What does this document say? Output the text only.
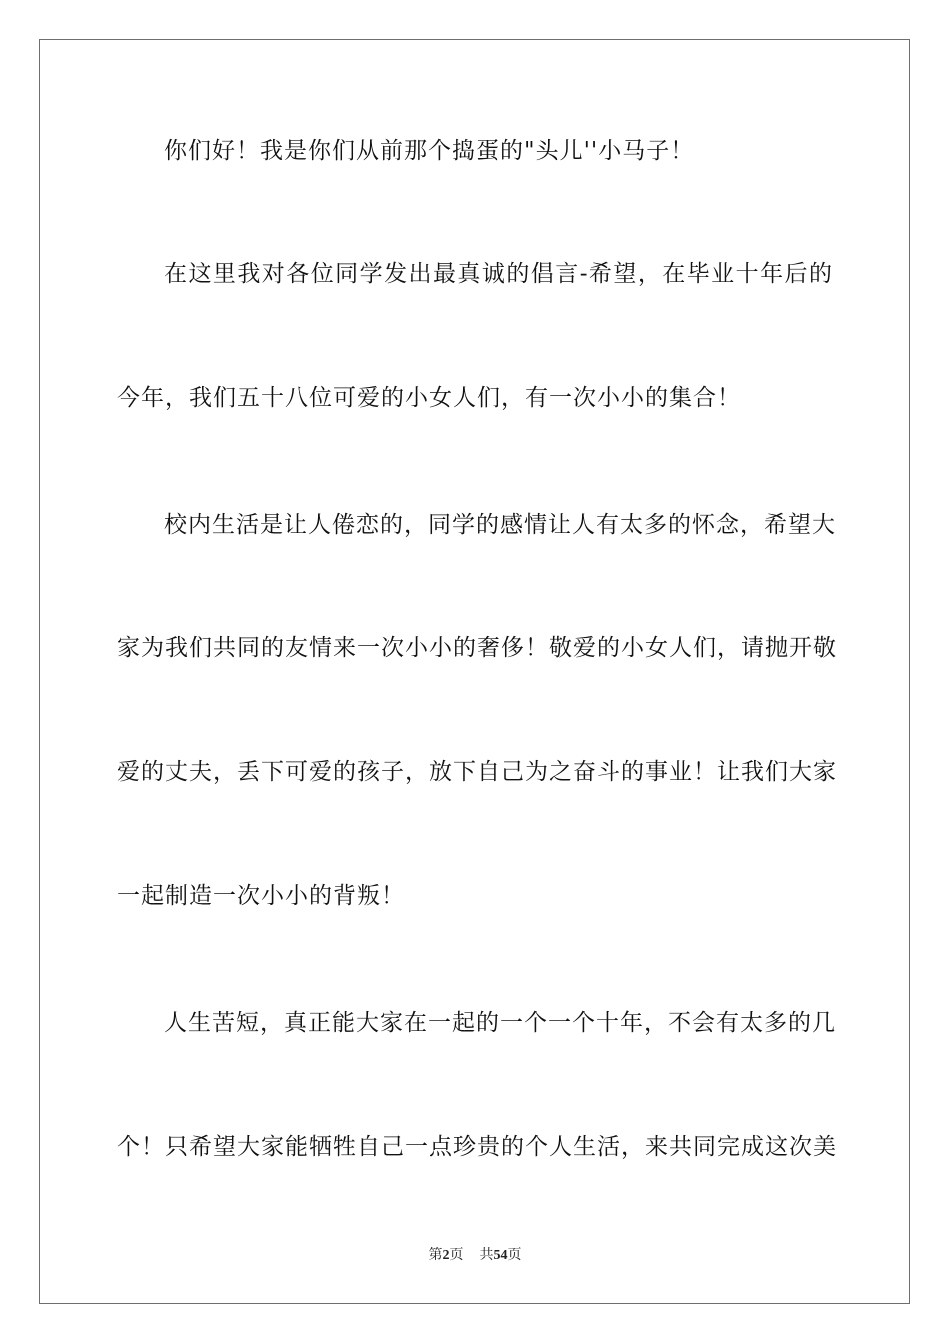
你们好！我是你们从前那个捣蛋的"头儿''小马子！

在这里我对各位同学发出最真诚的倡言-希望，在毕业十年后的

今年，我们五十八位可爱的小女人们，有一次小小的集合！

校内生活是让人倦恋的，同学的感情让人有太多的怀念，希望大

家为我们共同的友情来一次小小的奢侈！敬爱的小女人们，请抛开敬

爱的丈夫，丢下可爱的孩子，放下自己为之奋斗的事业！让我们大家

一起制造一次小小的背叛！

人生苦短，真正能大家在一起的一个一个十年，不会有太多的几

个！只希望大家能牺牲自己一点珍贵的个人生活，来共同完成这次美

第2页 共54页
